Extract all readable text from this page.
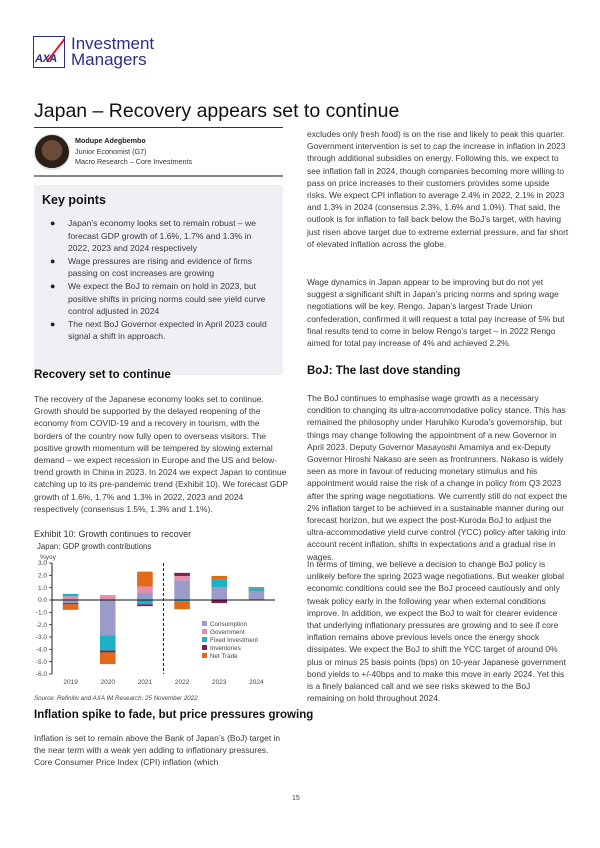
AXA
Investment
Managers
Japan – Recovery appears set to continue
Modupe Adegbembo
Junior Economist (G7)
Macro Research – Core Investments
Key points
● Japan’s economy looks set to remain robust – we forecast GDP growth of 1.6%, 1.7% and 1.3% in 2022, 2023 and 2024 respectively
● Wage pressures are rising and evidence of firms passing on cost increases are growing
● We expect the BoJ to remain on hold in 2023, but positive shifts in pricing norms could see yield curve control adjusted in 2024
● The next BoJ Governor expected in April 2023 could signal a shift in approach.
Recovery set to continue

The recovery of the Japanese economy looks set to continue. Growth should be supported by the delayed reopening of the economy from COVID-19 and a recovery in tourism, with the borders of the country now fully open to overseas visitors. The positive growth momentum will be tempered by slowing external demand – we expect recession in Europe and the US and below-trend growth in China in 2023. In 2024 we expect Japan to continue catching up to its pre-pandemic trend (Exhibit 10). We forecast GDP growth of 1.6%, 1.7% and 1.3% in 2022, 2023 and 2024 respectively (consensus 1.5%, 1.3% and 1.1%).

Exhibit 10: Growth continues to recover
Japan: GDP growth contributions
%yoy
3.0
2.0
1.0
0.0
-1.0
-2.0
-3.0
-4.0
-5.0
-6.0
2019	2020	2021	2022	2023	2024
Consumption
Government
Fixed Investment
Inventories
Net Trade
Source: Refinitiv and AXA IM Research, 25 November 2022
Inflation spike to fade, but price pressures growing

Inflation is set to remain above the Bank of Japan’s (BoJ) target in the near term with a weak yen adding to inflationary pressures. Core Consumer Price Index (CPI) inflation (which

excludes only fresh food) is on the rise and likely to peak this quarter. Government intervention is set to cap the increase in inflation in 2023 through additional subsidies on energy. Following this, we expect to see inflation fall in 2024, though companies becoming more willing to pass on price increases to their customers provides some upside risks. We expect CPI inflation to average 2.4% in 2022, 2.1% in 2023 and 1.3% in 2024 (consensus 2.3%, 1.6% and 1.0%). That said, the outlook is for inflation to fall back below the BoJ’s target, with having just risen above target due to extreme external pressure, and far short of elevated inflation across the globe.

Wage dynamics in Japan appear to be improving but do not yet suggest a significant shift in Japan’s pricing norms and spring wage negotiations will be key. Rengo, Japan’s largest Trade Union confederation, confirmed it will request a total pay increase of 5% but final results tend to come in below Rengo’s target – in 2022 Rengo aimed for total pay increase of 4% and achieved 2.2%.

BoJ: The last dove standing

The BoJ continues to emphasise wage growth as a necessary condition to changing its ultra-accommodative policy stance. This has remained the philosophy under Haruhiko Kuroda’s governorship, but things may change following the appointment of a new Governor in April 2023. Deputy Governor Masayoshi Amamiya and ex-Deputy Governor Hiroshi Nakaso are seen as frontrunners. Nakaso is widely seen as more in favour of reducing monetary stimulus and his appointment would raise the risk of a change in policy from Q3 2023 after the spring wage negotiations. We currently still do not expect the 2% inflation target to be achieved in a sustainable manner during our forecast horizon, but we expect the post-Kuroda BoJ to adjust the ultra-accommodative yield curve control (YCC) policy after taking into account recent inflation, shifts in expectations and a gradual rise in wages.

In terms of timing, we believe a decision to change BoJ policy is unlikely before the spring 2023 wage negotiations. But weaker global economic conditions could see the BoJ proceed cautiously and only tweak policy early in the following year when external conditions improve. In addition, we expect the BoJ to wait for clearer evidence that underlying inflationary pressures are growing and to see if core inflation remains above previous levels once the energy shock dissipates. We expect the BoJ to shift the YCC target of around 0% plus or minus 25 basis points (bps) on 10-year Japanese government bond yields to +/-40bps and to make this move in early 2024. Yet this is a finely balanced call and we see risks skewed to the BoJ remaining on hold throughout 2024.

15
